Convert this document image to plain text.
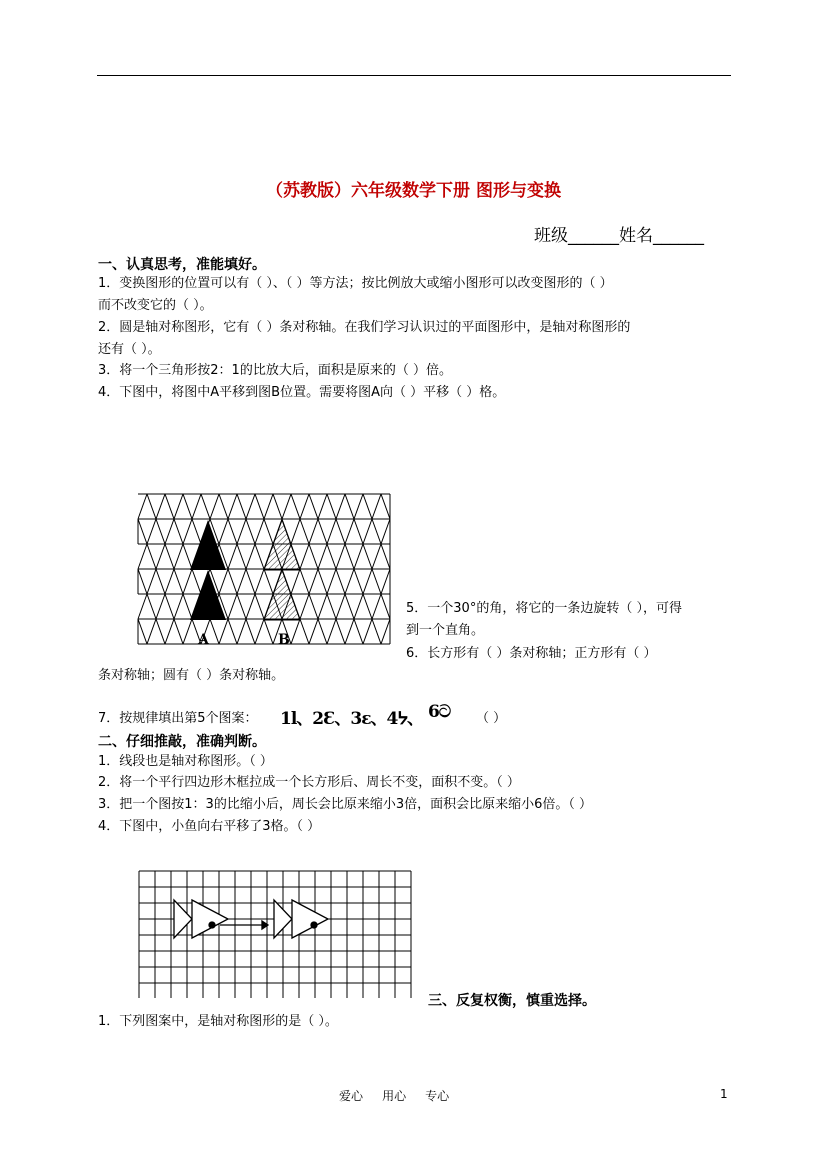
（苏教版）六年级数学下册 图形与变换
班级______姓名______
一、认真思考，准能填好。
1．变换图形的位置可以有（ ）、（ ）等方法；按比例放大或缩小图形可以改变图形的（ ）
而不改变它的（ ）。
2．圆是轴对称图形，它有（ ）条对称轴。在我们学习认识过的平面图形中，是轴对称图形的
还有（ ）。
3．将一个三角形按2：1的比放大后，面积是原来的（ ）倍。
4．下图中，将图中A平移到图B位置。需要将图A向（ ）平移（ ）格。
A	B
5．一个30°的角，将它的一条边旋转（ ），可得
到一个直角。
6．长方形有（ ）条对称轴；正方形有（ ）
条对称轴；圆有（ ）条对称轴。
7．按规律填出第5个图案： 1l、2Ɛ、3ɛ、4ᔭ、 6ට （ ）
二、仔细推敲，准确判断。
1．线段也是轴对称图形。（ ）
2．将一个平行四边形木框拉成一个长方形后、周长不变，面积不变。（ ）
3．把一个图按1：3的比缩小后，周长会比原来缩小3倍，面积会比原来缩小6倍。（ ）
4．下图中，小鱼向右平移了3格。（ ）
三、反复权衡，慎重选择。
1．下列图案中，是轴对称图形的是（ ）。
爱心     用心     专心	1
